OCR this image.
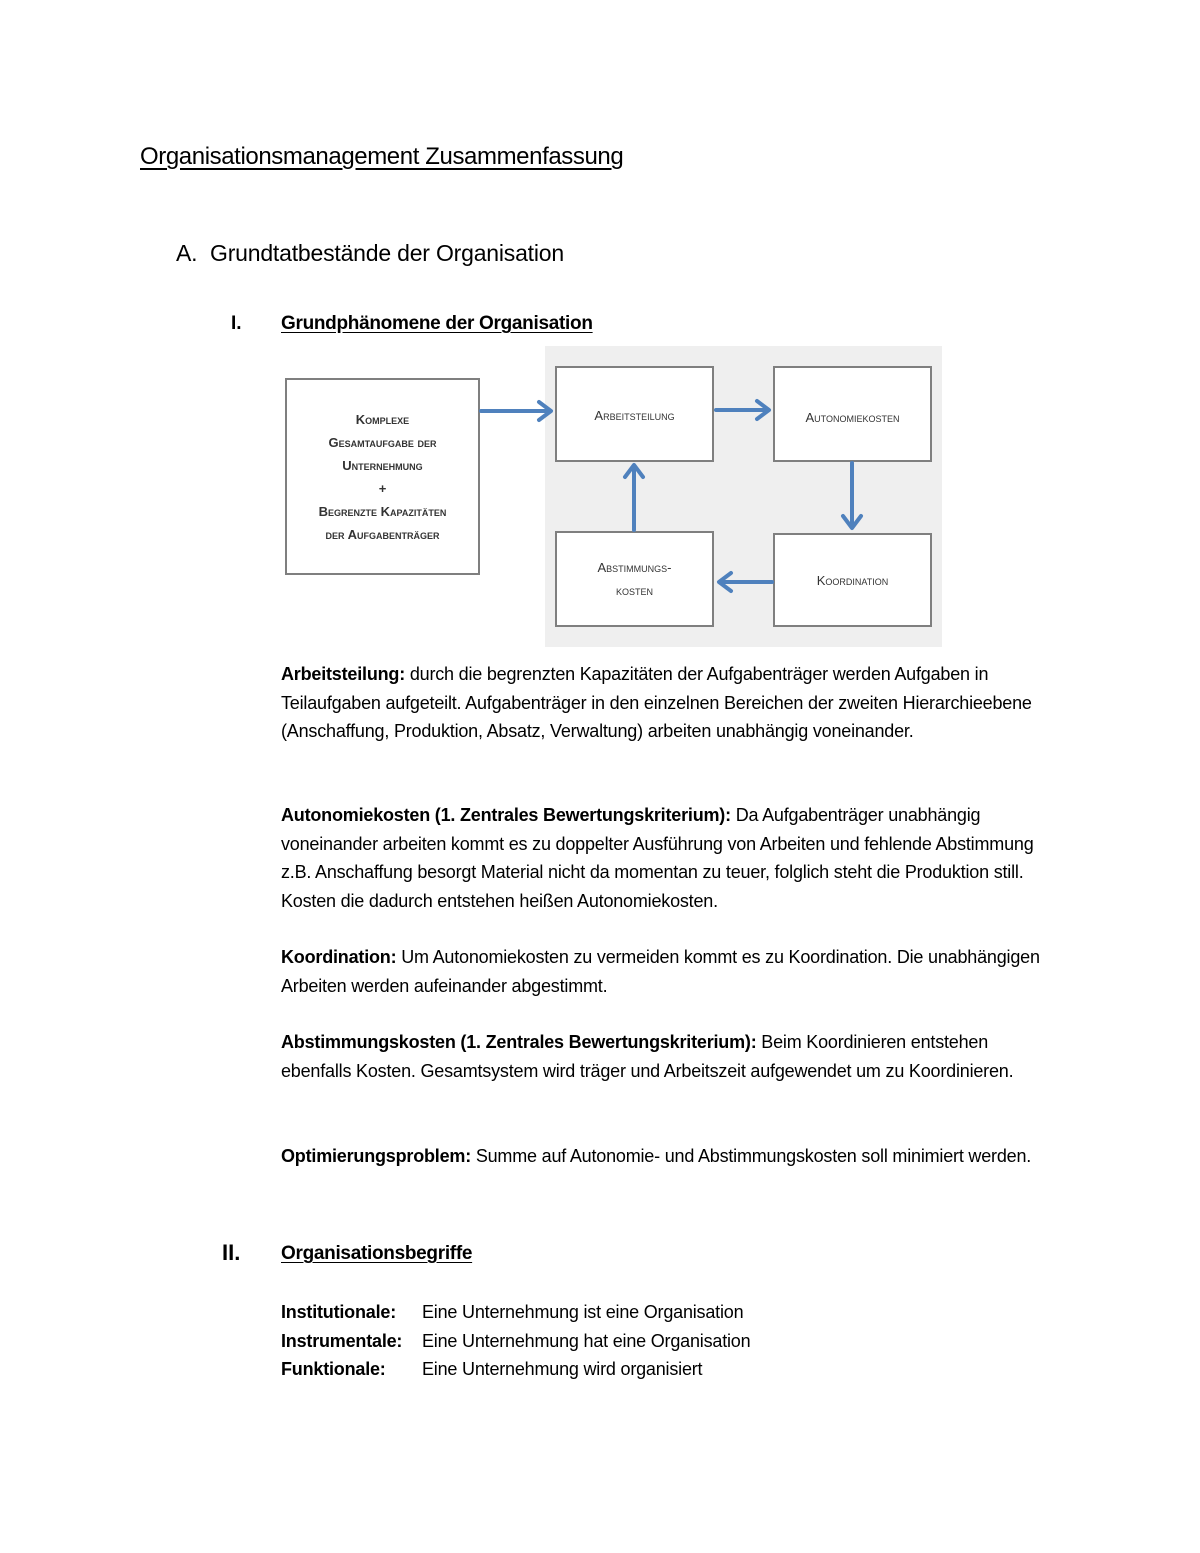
Organisationsmanagement Zusammenfassung
A. Grundtatbestände der Organisation
I. Grundphänomene der Organisation
Komplexe
Gesamtaufgabe der
Unternehmung
+
Begrenzte Kapazitäten
der Aufgabenträger
Arbeitsteilung	Autonomiekosten
Koordination
Abstimmungs-
kosten
Arbeitsteilung: durch die begrenzten Kapazitäten der Aufgabenträger werden Aufgaben in Teilaufgaben aufgeteilt. Aufgabenträger in den einzelnen Bereichen der zweiten Hierarchieebene (Anschaffung, Produktion, Absatz, Verwaltung) arbeiten unabhängig voneinander.
Autonomiekosten (1. Zentrales Bewertungskriterium): Da Aufgabenträger unabhängig voneinander arbeiten kommt es zu doppelter Ausführung von Arbeiten und fehlende Abstimmung z.B. Anschaffung besorgt Material nicht da momentan zu teuer, folglich steht die Produktion still. Kosten die dadurch entstehen heißen Autonomiekosten.
Koordination: Um Autonomiekosten zu vermeiden kommt es zu Koordination. Die unabhängigen Arbeiten werden aufeinander abgestimmt.
Abstimmungskosten (1. Zentrales Bewertungskriterium): Beim Koordinieren entstehen ebenfalls Kosten. Gesamtsystem wird träger und Arbeitszeit aufgewendet um zu Koordinieren.
Optimierungsproblem: Summe auf Autonomie- und Abstimmungskosten soll minimiert werden.
II. Organisationsbegriffe
Institutionale: Eine Unternehmung ist eine Organisation
Instrumentale: Eine Unternehmung hat eine Organisation
Funktionale: Eine Unternehmung wird organisiert
